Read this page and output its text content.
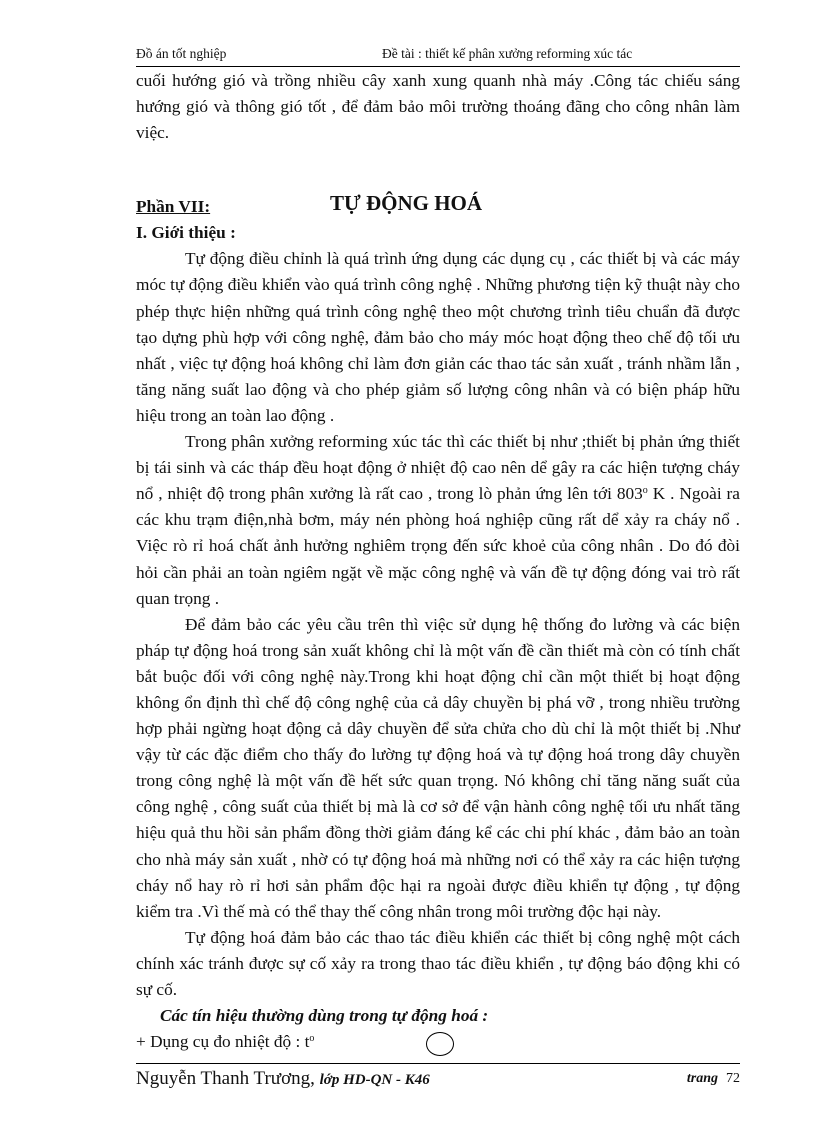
Đồ án tốt nghiệp	Đề tài : thiết kế phân xưởng reforming xúc tác

cuối hướng gió và trồng nhiều cây xanh xung quanh nhà máy .Công tác chiếu sáng hướng gió và thông gió tốt , để đảm bảo môi trường thoáng đãng cho công nhân làm việc.

Phần VII:	TỰ ĐỘNG HOÁ

I. Giới thiệu :

Tự động điều chỉnh là quá trình ứng dụng các dụng cụ , các thiết bị và các máy móc tự động điều khiển vào quá trình công nghệ . Những phương tiện kỹ thuật này cho phép thực hiện những quá trình công nghệ theo một chương trình tiêu chuẩn đã được tạo dựng phù hợp với công nghệ, đảm bảo cho máy móc hoạt động theo chế độ tối ưu nhất , việc tự động hoá không chỉ làm đơn giản các thao tác sản xuất , tránh nhầm lẫn , tăng năng suất lao động và cho phép giảm số lượng công nhân và có biện pháp hữu hiệu trong an toàn lao động .

Trong phân xưởng reforming xúc tác thì các thiết bị như ;thiết bị phản ứng thiết bị tái sinh và các tháp đều hoạt động ở nhiệt độ cao nên dể gây ra các hiện tượng cháy nổ , nhiệt độ trong phân xưởng là rất cao , trong lò phản ứng lên tới 803$^o$ K . Ngoài ra các khu trạm điện,nhà bơm, máy nén phòng hoá nghiệp cũng rất dể xảy ra cháy nổ . Việc rò rỉ hoá chất ảnh hưởng nghiêm trọng đến sức khoẻ của công nhân . Do đó đòi hỏi cần phải an toàn ngiêm ngặt về mặc công nghệ và vấn đề tự động đóng vai trò rất quan trọng .

Để đảm bảo các yêu cầu trên thì việc sử dụng hệ thống đo lường và các biện pháp tự động hoá trong sản xuất không chỉ là một vấn đề cần thiết mà còn có tính chất bắt buộc đối với công nghệ này.Trong khi hoạt động chỉ cần một thiết bị hoạt động không ổn định thì chế độ công nghệ của cả dây chuyền bị phá vỡ , trong nhiều trường hợp phải ngừng hoạt động cả dây chuyền để sửa chửa cho dù chỉ là một thiết bị .Như vậy từ các đặc điểm cho thấy đo lường tự động hoá và tự động hoá trong dây chuyền trong công nghệ là một vấn đề hết sức quan trọng. Nó không chỉ tăng năng suất của công nghệ , công suất của thiết bị mà là cơ sở để vận hành công nghệ tối ưu nhất tăng hiệu quả thu hồi sản phẩm đồng thời giảm đáng kể các chi phí khác , đảm bảo an toàn cho nhà máy sản xuất , nhờ có tự động hoá mà những nơi có thể xảy ra các hiện tượng cháy nổ hay rò rỉ hơi sản phẩm độc hại ra ngoài được điều khiển tự động , tự động kiểm tra .Vì thế mà có thể thay thế công nhân trong môi trường độc hại này.

Tự động hoá đảm bảo các thao tác điều khiển các thiết bị công nghệ một cách chính xác tránh được sự cố xảy ra trong thao tác điều khiển , tự động báo động khi có sự cố.

Các tín hiệu thường dùng trong tự động hoá :

+ Dụng cụ đo nhiệt độ : $t^o$

Nguyễn Thanh Trương, lớp HD-QN - K46	trang 72
